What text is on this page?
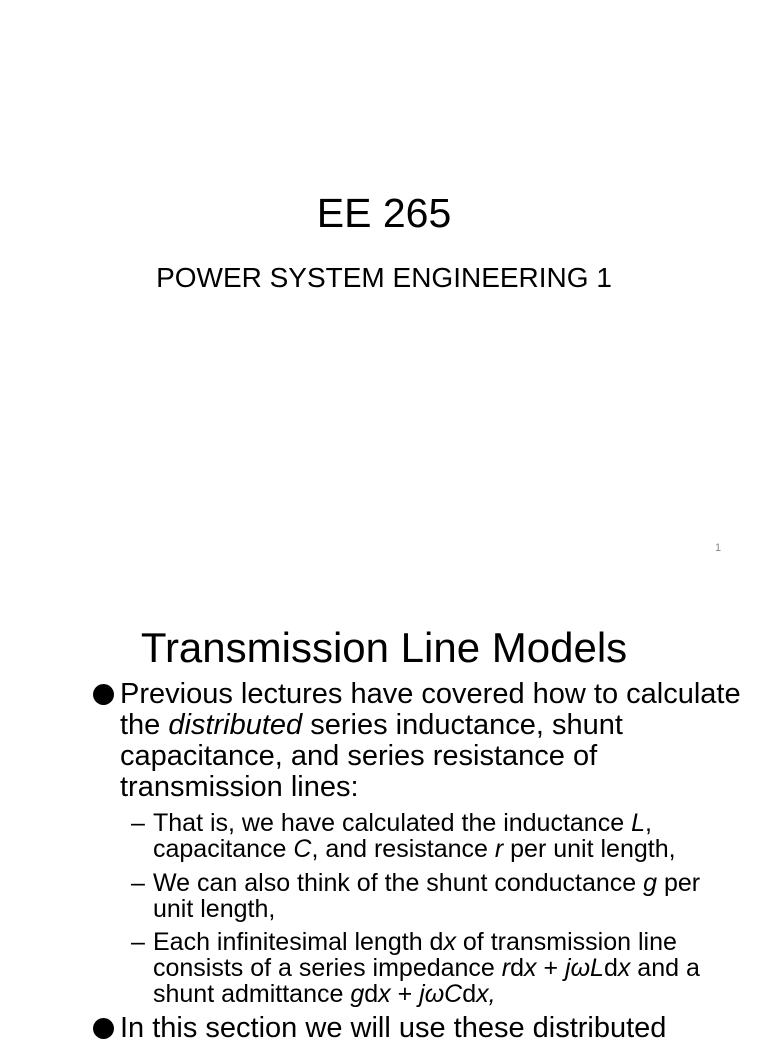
EE 265
POWER SYSTEM ENGINEERING 1
1
Transmission Line Models
Previous lectures have covered how to calculate
the distributed series inductance, shunt
capacitance, and series resistance of
transmission lines:
– That is, we have calculated the inductance L,
capacitance C, and resistance r per unit length,
– We can also think of the shunt conductance g per
unit length,
– Each infinitesimal length dx of transmission line
consists of a series impedance rdx + jωLdx and a
shunt admittance gdx + jωCdx,
In this section we will use these distributed
